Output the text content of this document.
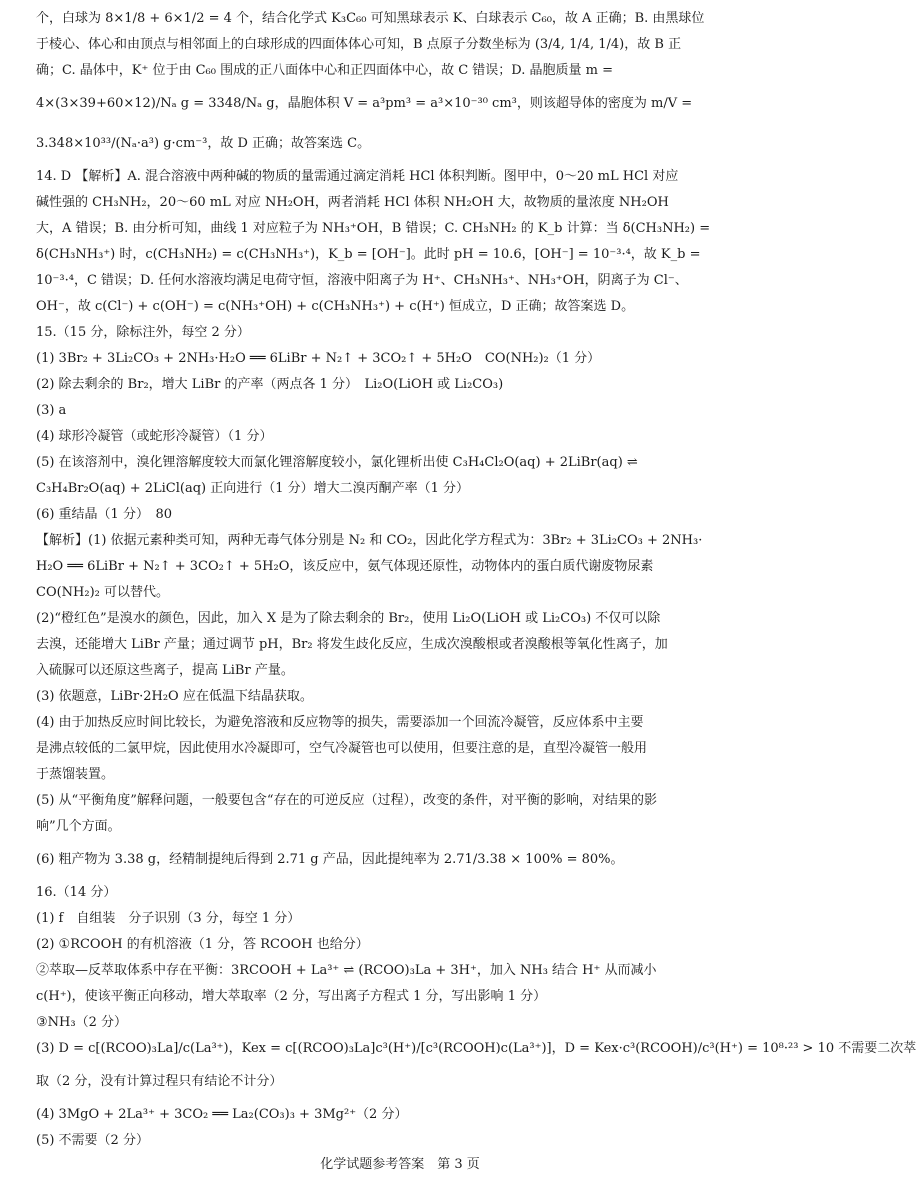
个，白球为 8×1/8 + 6×1/2 = 4 个，结合化学式 K₃C₆₀ 可知黑球表示 K、白球表示 C₆₀，故 A 正确；B. 由黑球位
于棱心、体心和由顶点与相邻面上的白球形成的四面体体心可知，B 点原子分数坐标为 (3/4, 1/4, 1/4)，故 B 正
确；C. 晶体中，K⁺ 位于由 C₆₀ 围成的正八面体中心和正四面体中心，故 C 错误；D. 晶胞质量 m =
4×(3×39+60×12)/Nₐ g = 3348/Nₐ g，晶胞体积 V = a³pm³ = a³×10⁻³⁰ cm³，则该超导体的密度为 m/V =
3.348×10³³/(Nₐ·a³) g·cm⁻³，故 D 正确；故答案选 C。
14. D 【解析】A. 混合溶液中两种碱的物质的量需通过滴定消耗 HCl 体积判断。图甲中，0～20 mL HCl 对应
碱性强的 CH₃NH₂，20～60 mL 对应 NH₂OH，两者消耗 HCl 体积 NH₂OH 大，故物质的量浓度 NH₂OH
大，A 错误；B. 由分析可知，曲线 1 对应粒子为 NH₃⁺OH，B 错误；C. CH₃NH₂ 的 K_b 计算：当 δ(CH₃NH₂) =
δ(CH₃NH₃⁺) 时，c(CH₃NH₂) = c(CH₃NH₃⁺)，K_b = [OH⁻]。此时 pH = 10.6，[OH⁻] = 10⁻³·⁴，故 K_b =
10⁻³·⁴，C 错误；D. 任何水溶液均满足电荷守恒，溶液中阳离子为 H⁺、CH₃NH₃⁺、NH₃⁺OH，阴离子为 Cl⁻、
OH⁻，故 c(Cl⁻) + c(OH⁻) = c(NH₃⁺OH) + c(CH₃NH₃⁺) + c(H⁺) 恒成立，D 正确；故答案选 D。
15.（15 分，除标注外，每空 2 分）
(1) 3Br₂ + 3Li₂CO₃ + 2NH₃·H₂O ══ 6LiBr + N₂↑ + 3CO₂↑ + 5H₂O　CO(NH₂)₂（1 分）
(2) 除去剩余的 Br₂，增大 LiBr 的产率（两点各 1 分）　Li₂O(LiOH 或 Li₂CO₃)
(3) a
(4) 球形冷凝管（或蛇形冷凝管）（1 分）
(5) 在该溶剂中，溴化锂溶解度较大而氯化锂溶解度较小，氯化锂析出使 C₃H₄Cl₂O(aq) + 2LiBr(aq) ⇌
C₃H₄Br₂O(aq) + 2LiCl(aq) 正向进行（1 分）增大二溴丙酮产率（1 分）
(6) 重结晶（1 分）　80
【解析】(1) 依据元素种类可知，两种无毒气体分别是 N₂ 和 CO₂，因此化学方程式为：3Br₂ + 3Li₂CO₃ + 2NH₃·
H₂O ══ 6LiBr + N₂↑ + 3CO₂↑ + 5H₂O，该反应中，氨气体现还原性，动物体内的蛋白质代谢废物尿素
CO(NH₂)₂ 可以替代。
(2)“橙红色”是溴水的颜色，因此，加入 X 是为了除去剩余的 Br₂，使用 Li₂O(LiOH 或 Li₂CO₃) 不仅可以除
去溴，还能增大 LiBr 产量；通过调节 pH，Br₂ 将发生歧化反应，生成次溴酸根或者溴酸根等氧化性离子，加
入硫脲可以还原这些离子，提高 LiBr 产量。
(3) 依题意，LiBr·2H₂O 应在低温下结晶获取。
(4) 由于加热反应时间比较长，为避免溶液和反应物等的损失，需要添加一个回流冷凝管，反应体系中主要
是沸点较低的二氯甲烷，因此使用水冷凝即可，空气冷凝管也可以使用，但要注意的是，直型冷凝管一般用
于蒸馏装置。
(5) 从“平衡角度”解释问题，一般要包含“存在的可逆反应（过程），改变的条件，对平衡的影响，对结果的影
响”几个方面。
(6) 粗产物为 3.38 g，经精制提纯后得到 2.71 g 产品，因此提纯率为 2.71/3.38 × 100% = 80%。
16.（14 分）
(1) f　自组装　分子识别（3 分，每空 1 分）
(2) ①RCOOH 的有机溶液（1 分，答 RCOOH 也给分）
②萃取—反萃取体系中存在平衡：3RCOOH + La³⁺ ⇌ (RCOO)₃La + 3H⁺，加入 NH₃ 结合 H⁺ 从而减小
c(H⁺)，使该平衡正向移动，增大萃取率（2 分，写出离子方程式 1 分，写出影响 1 分）
③NH₃（2 分）
(3) D = c[(RCOO)₃La]/c(La³⁺)，Kex = c[(RCOO)₃La]c³(H⁺)/[c³(RCOOH)c(La³⁺)]，D = Kex·c³(RCOOH)/c³(H⁺) = 10⁸·²³ > 10 不需要二次萃
取（2 分，没有计算过程只有结论不计分）
(4) 3MgO + 2La³⁺ + 3CO₂ ══ La₂(CO₃)₃ + 3Mg²⁺（2 分）
(5) 不需要（2 分）
化学试题参考答案　第 3 页
